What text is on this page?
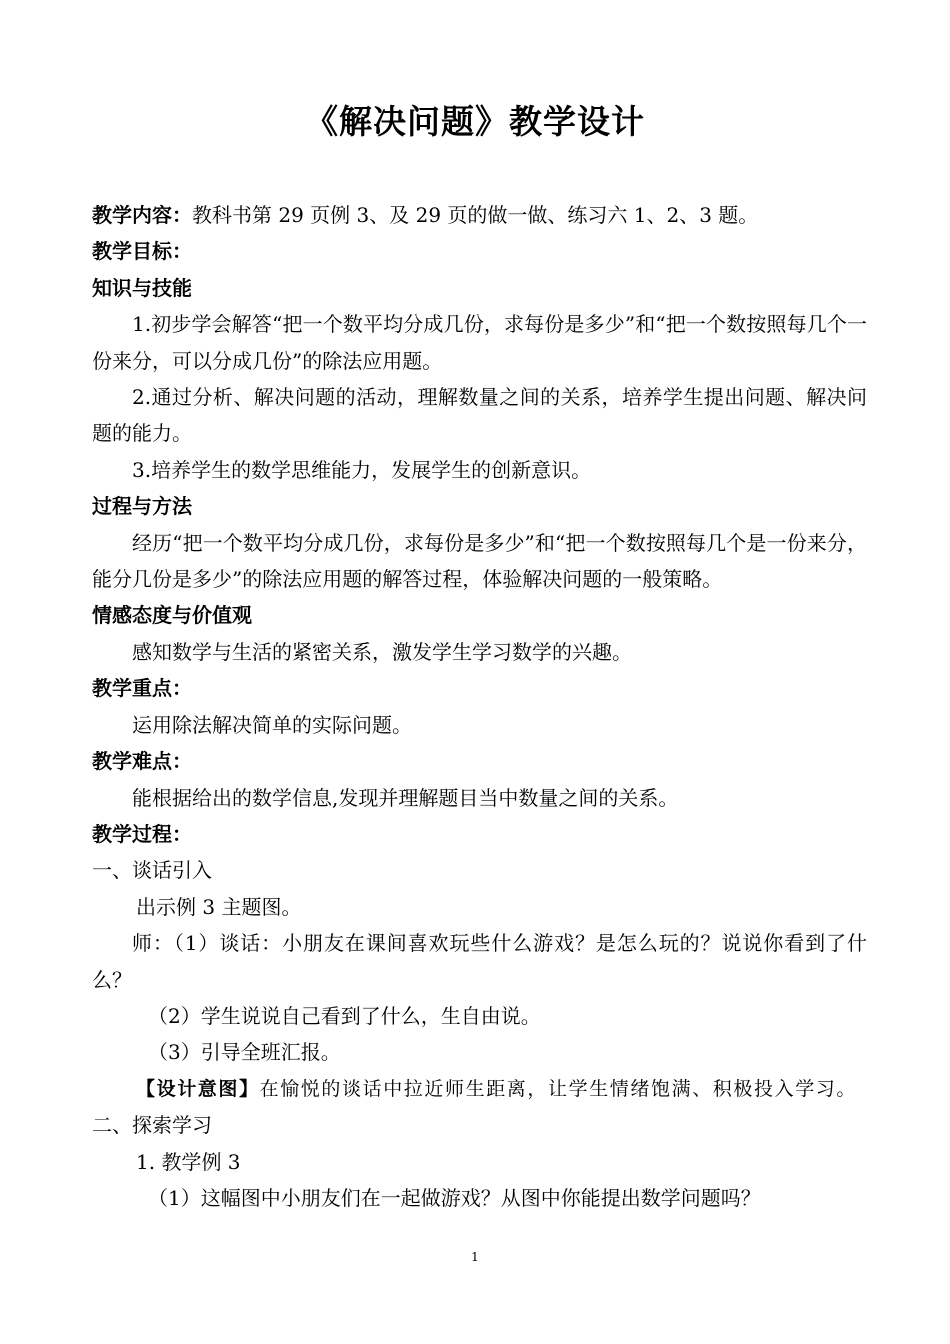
《解决问题》教学设计
教学内容：教科书第 29 页例 3、及 29 页的做一做、练习六 1、2、3 题。
教学目标：
知识与技能

1.初步学会解答“把一个数平均分成几份，求每份是多少”和“把一个数按照每几个一份来分，可以分成几份”的除法应用题。

2.通过分析、解决问题的活动，理解数量之间的关系，培养学生提出问题、解决问题的能力。

3.培养学生的数学思维能力，发展学生的创新意识。

过程与方法

经历“把一个数平均分成几份，求每份是多少”和“把一个数按照每几个是一份来分，能分几份是多少”的除法应用题的解答过程，体验解决问题的一般策略。

情感态度与价值观

感知数学与生活的紧密关系，激发学生学习数学的兴趣。

教学重点：

运用除法解决简单的实际问题。

教学难点：

能根据给出的数学信息,发现并理解题目当中数量之间的关系。

教学过程：
一、谈话引入
出示例 3 主题图。

师：（1）谈话：小朋友在课间喜欢玩些什么游戏？是怎么玩的？说说你看到了什么？

（2）学生说说自己看到了什么，生自由说。
（3）引导全班汇报。
【设计意图】在愉悦的谈话中拉近师生距离，让学生情绪饱满、积极投入学习。
二、探索学习
1. 教学例 3
（1）这幅图中小朋友们在一起做游戏？从图中你能提出数学问题吗？
1
